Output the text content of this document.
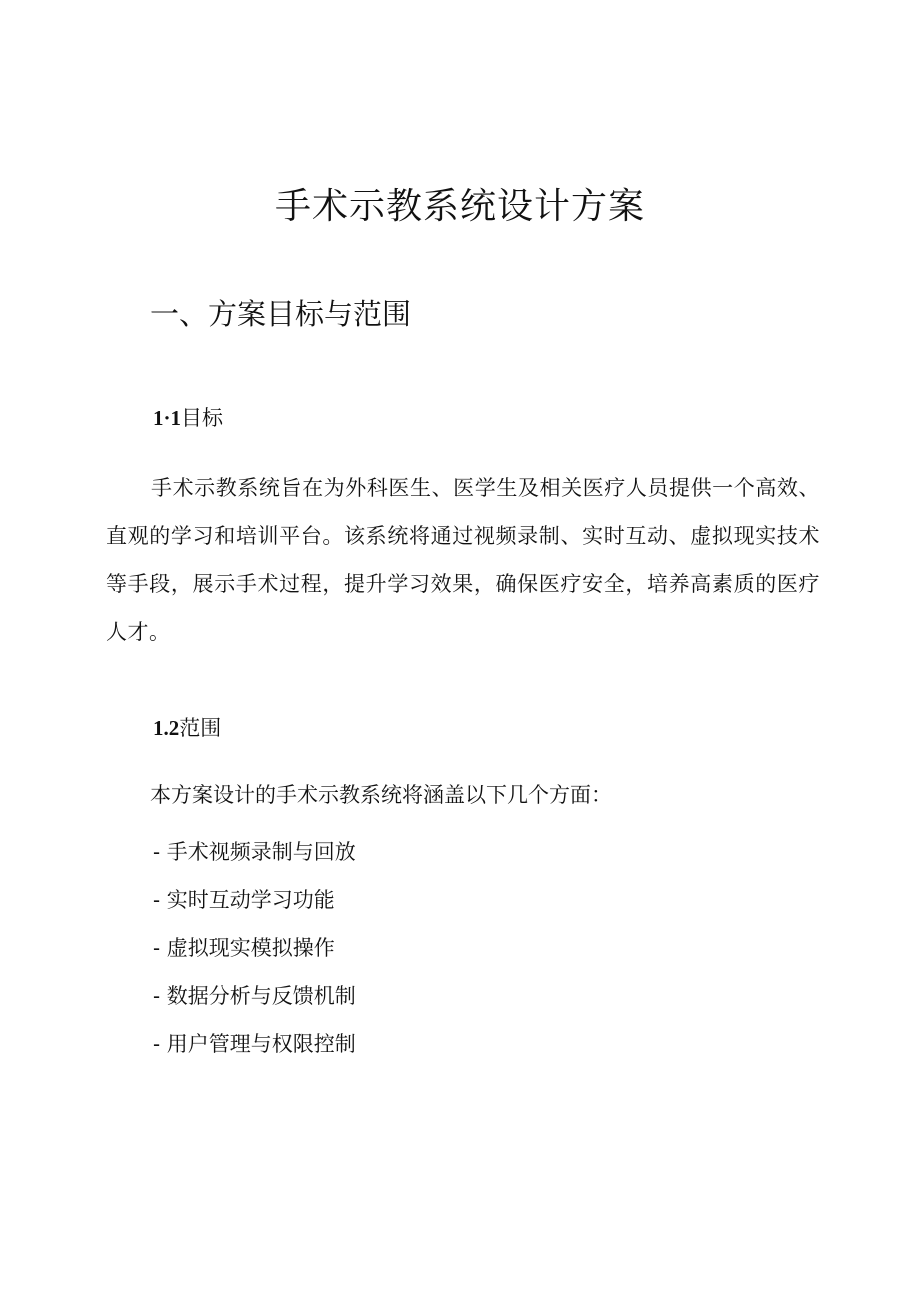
手术示教系统设计方案
一、方案目标与范围
1·1目标
手术示教系统旨在为外科医生、医学生及相关医疗人员提供一个高效、直观的学习和培训平台。该系统将通过视频录制、实时互动、虚拟现实技术等手段，展示手术过程，提升学习效果，确保医疗安全，培养高素质的医疗人才。
1.2范围
本方案设计的手术示教系统将涵盖以下几个方面：
- 手术视频录制与回放
- 实时互动学习功能
- 虚拟现实模拟操作
- 数据分析与反馈机制
- 用户管理与权限控制
